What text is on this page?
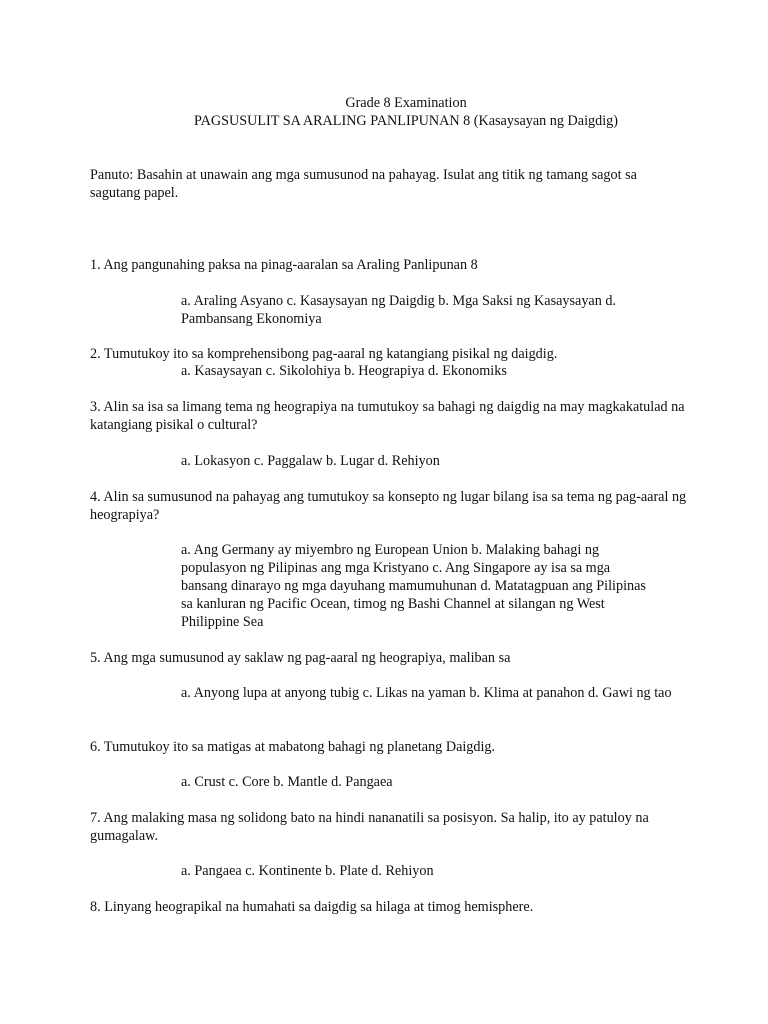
Grade 8 Examination

PAGSUSULIT SA ARALING PANLIPUNAN 8 (Kasaysayan ng Daigdig)

Panuto: Basahin at unawain ang mga sumusunod na pahayag. Isulat ang titik ng tamang sagot sa sagutang papel.

1. Ang pangunahing paksa na pinag-aaralan sa Araling Panlipunan 8

a. Araling Asyano c. Kasaysayan ng Daigdig b. Mga Saksi ng Kasaysayan d. Pambansang Ekonomiya

2. Tumutukoy ito sa komprehensibong pag-aaral ng katangiang pisikal ng daigdig.

a. Kasaysayan c. Sikolohiya b. Heograpiya d. Ekonomiks

3. Alin sa isa sa limang tema ng heograpiya na tumutukoy sa bahagi ng daigdig na may magkakatulad na katangiang pisikal o cultural?

a. Lokasyon c. Paggalaw b. Lugar d. Rehiyon

4. Alin sa sumusunod na pahayag ang tumutukoy sa konsepto ng lugar bilang isa sa tema ng pag-aaral ng heograpiya?

a. Ang Germany ay miyembro ng European Union b. Malaking bahagi ng populasyon ng Pilipinas ang mga Kristyano c. Ang Singapore ay isa sa mga bansang dinarayo ng mga dayuhang mamumuhunan d. Matatagpuan ang Pilipinas sa kanluran ng Pacific Ocean, timog ng Bashi Channel at silangan ng West Philippine Sea

5. Ang mga sumusunod ay saklaw ng pag-aaral ng heograpiya, maliban sa

a. Anyong lupa at anyong tubig c. Likas na yaman b. Klima at panahon d. Gawi ng tao

6. Tumutukoy ito sa matigas at mabatong bahagi ng planetang Daigdig.

a. Crust c. Core b. Mantle d. Pangaea

7. Ang malaking masa ng solidong bato na hindi nananatili sa posisyon. Sa halip, ito ay patuloy na gumagalaw.

a. Pangaea c. Kontinente b. Plate d. Rehiyon

8. Linyang heograpikal na humahati sa daigdig sa hilaga at timog hemisphere.
